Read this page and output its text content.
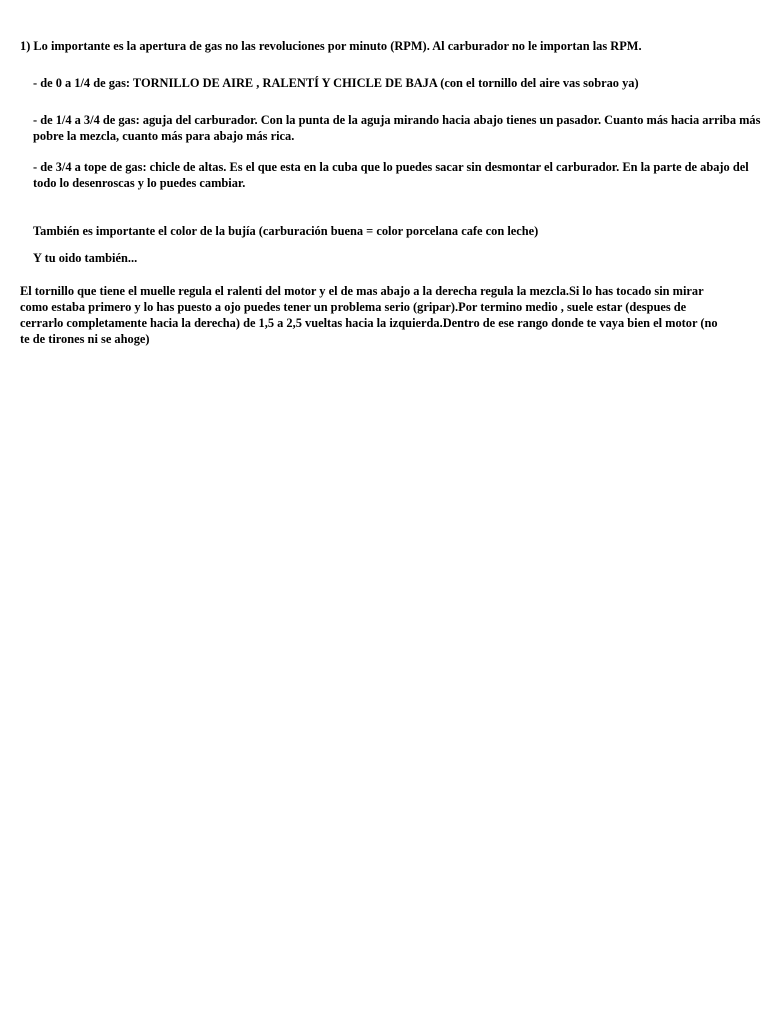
1) Lo importante es la apertura de gas no las revoluciones por minuto (RPM). Al carburador no le importan las RPM.

- de 0 a 1/4 de gas: TORNILLO DE AIRE , RALENTÍ Y CHICLE DE BAJA (con el tornillo del aire vas sobrao ya)

- de 1/4 a 3/4 de gas: aguja del carburador. Con la punta de la aguja mirando hacia abajo tienes un pasador. Cuanto más hacia arriba más pobre la mezcla, cuanto más para abajo más rica.

- de 3/4 a tope de gas: chicle de altas. Es el que esta en la cuba que lo puedes sacar sin desmontar el carburador. En la parte de abajo del todo lo desenroscas y lo puedes cambiar.

También es importante el color de la bujía (carburación buena = color porcelana cafe con leche)

Y tu oido también...

El tornillo que tiene el muelle regula el ralenti del motor y el de mas abajo a la derecha regula la mezcla.Si lo has tocado sin mirar como estaba primero y lo has puesto a ojo puedes tener un problema serio (gripar).Por termino medio , suele estar (despues de cerrarlo completamente hacia la derecha) de 1,5 a 2,5 vueltas hacia la izquierda.Dentro de ese rango donde te vaya bien el motor (no te de tirones ni se ahoge)
